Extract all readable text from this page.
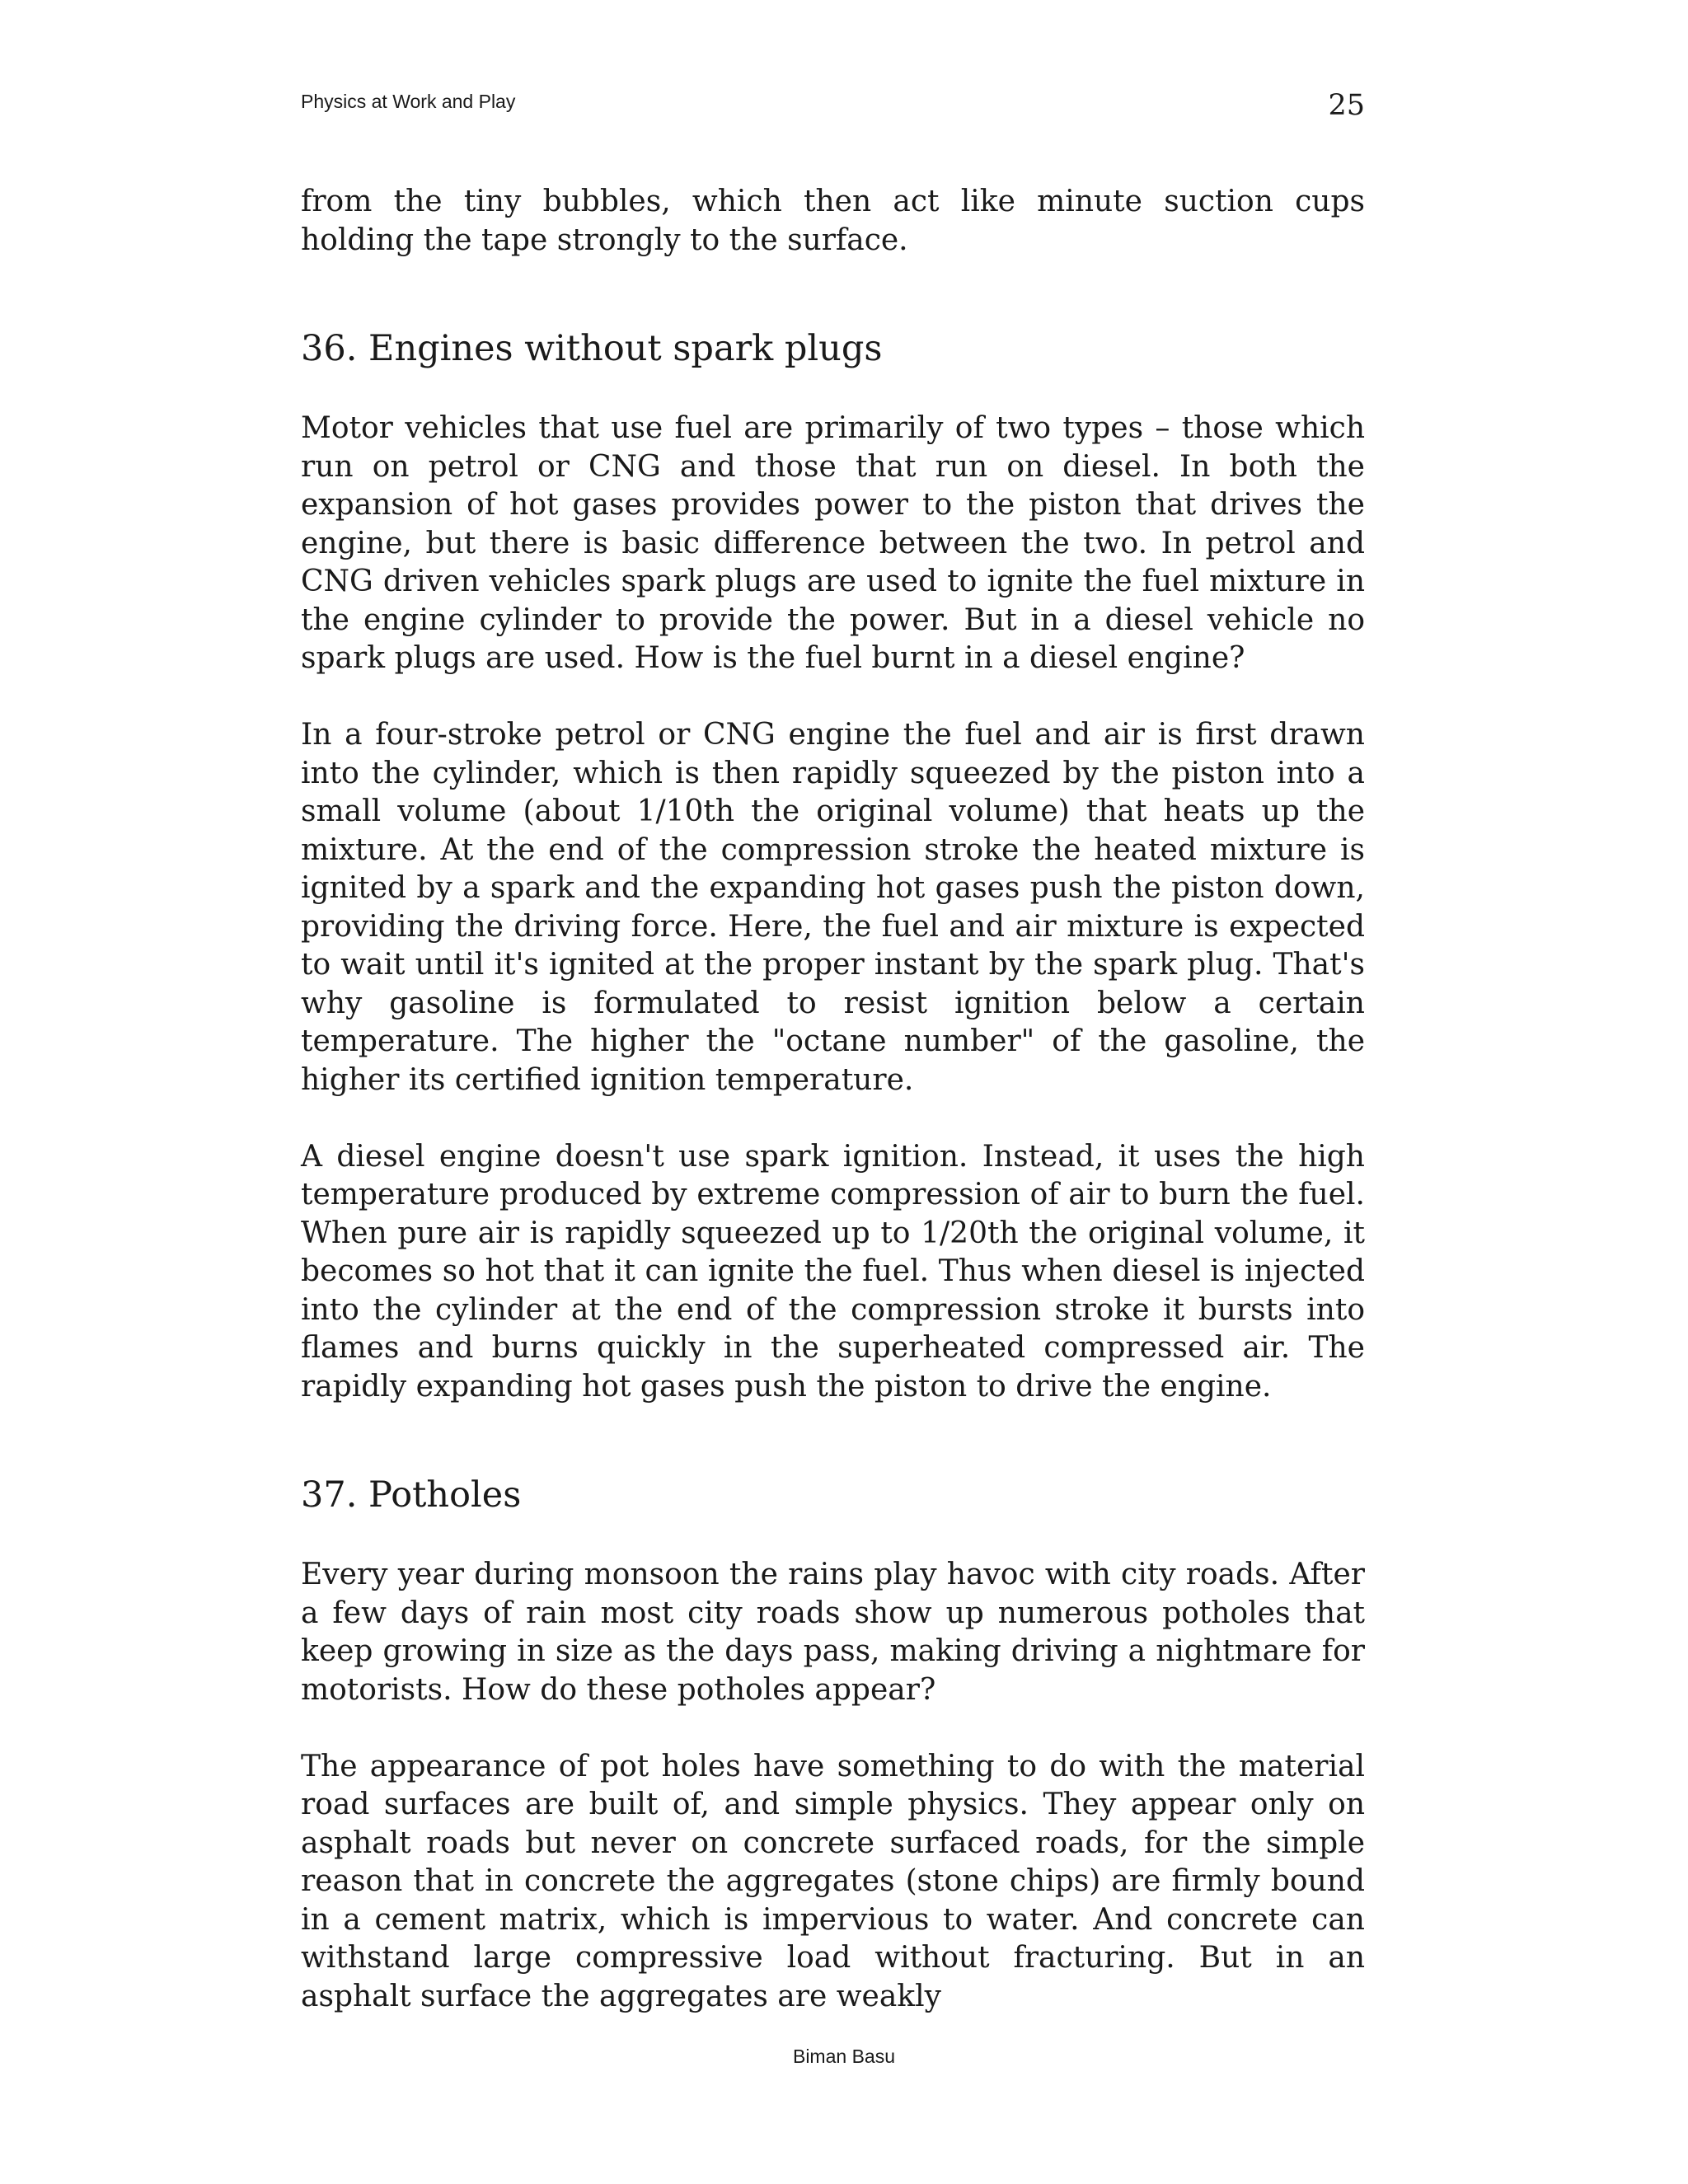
Physics at Work and Play	25

from the tiny bubbles, which then act like minute suction cups holding the tape strongly to the surface.

36. Engines without spark plugs

Motor vehicles that use fuel are primarily of two types – those which run on petrol or CNG and those that run on diesel. In both the expansion of hot gases provides power to the piston that drives the engine, but there is basic difference between the two. In petrol and CNG driven vehicles spark plugs are used to ignite the fuel mixture in the engine cylinder to provide the power. But in a diesel vehicle no spark plugs are used. How is the fuel burnt in a diesel engine?

In a four-stroke petrol or CNG engine the fuel and air is first drawn into the cylinder, which is then rapidly squeezed by the piston into a small volume (about 1/10th the original volume) that heats up the mixture. At the end of the compression stroke the heated mixture is ignited by a spark and the expanding hot gases push the piston down, providing the driving force. Here, the fuel and air mixture is expected to wait until it's ignited at the proper instant by the spark plug. That's why gasoline is formulated to resist ignition below a certain temperature. The higher the "octane number" of the gasoline, the higher its certified ignition temperature.

A diesel engine doesn't use spark ignition. Instead, it uses the high temperature produced by extreme compression of air to burn the fuel. When pure air is rapidly squeezed up to 1/20th the original volume, it becomes so hot that it can ignite the fuel. Thus when diesel is injected into the cylinder at the end of the compression stroke it bursts into flames and burns quickly in the superheated compressed air. The rapidly expanding hot gases push the piston to drive the engine.

37. Potholes

Every year during monsoon the rains play havoc with city roads. After a few days of rain most city roads show up numerous potholes that keep growing in size as the days pass, making driving a nightmare for motorists. How do these potholes appear?

The appearance of pot holes have something to do with the material road surfaces are built of, and simple physics. They appear only on asphalt roads but never on concrete surfaced roads, for the simple reason that in concrete the aggregates (stone chips) are firmly bound in a cement matrix, which is impervious to water. And concrete can withstand large compressive load without fracturing. But in an asphalt surface the aggregates are weakly

Biman Basu
